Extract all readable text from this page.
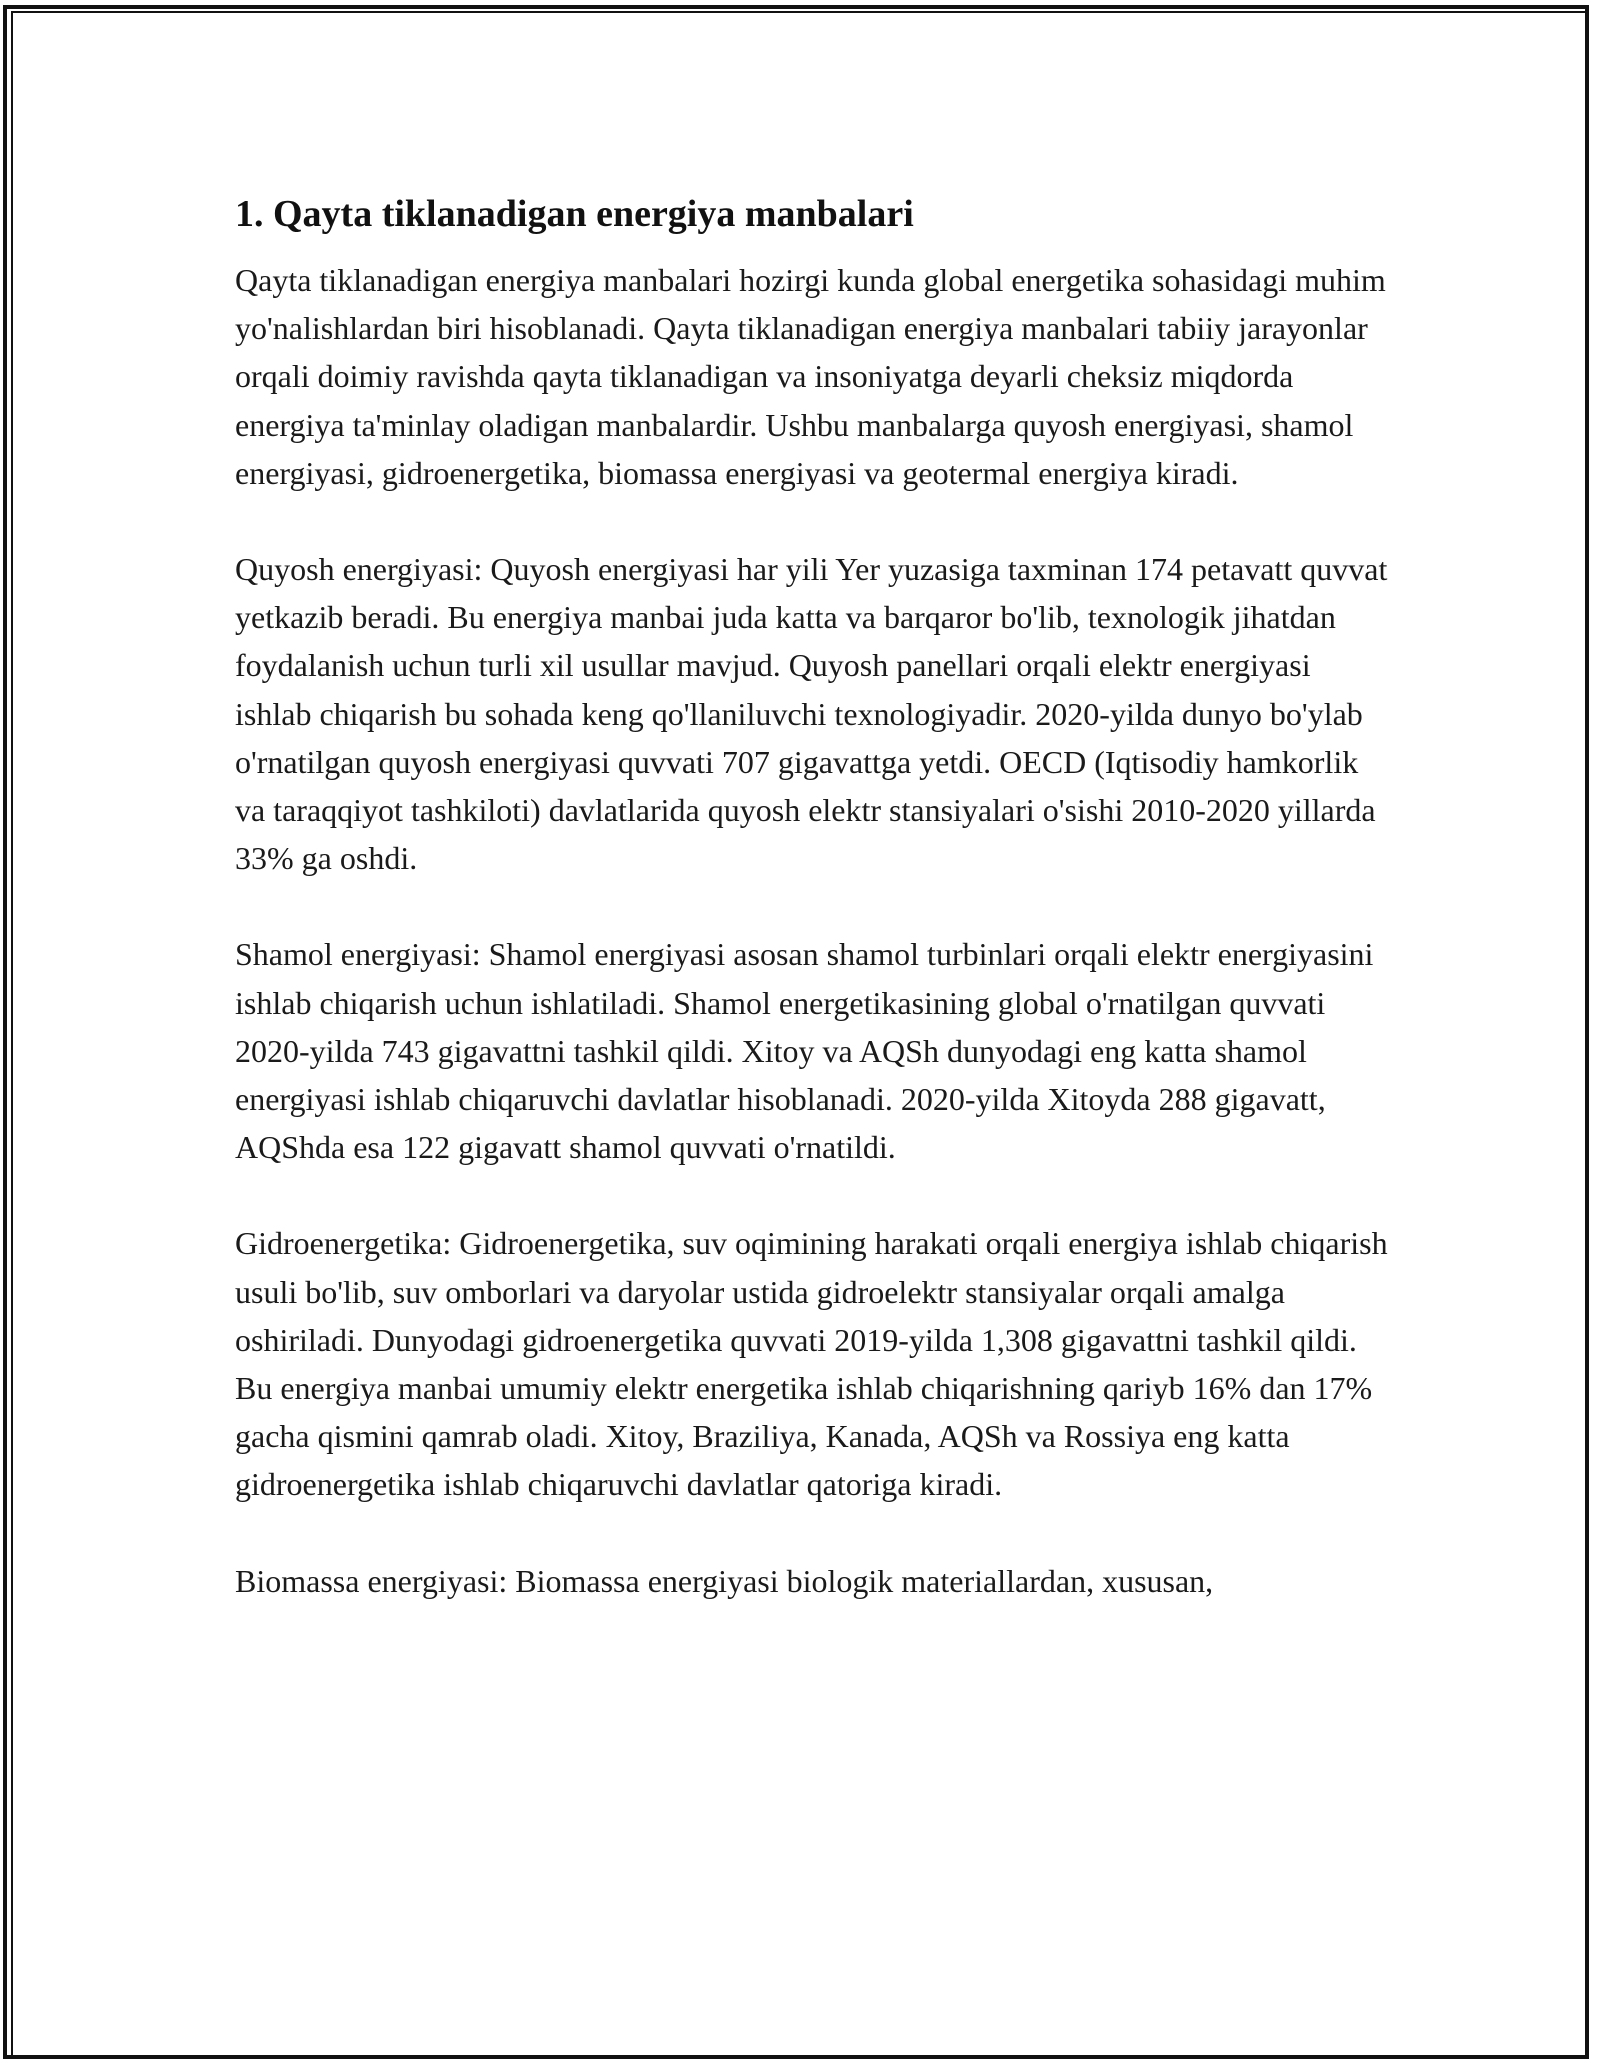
1. Qayta tiklanadigan energiya manbalari

Qayta tiklanadigan energiya manbalari hozirgi kunda global energetika sohasidagi muhim yo'nalishlardan biri hisoblanadi. Qayta tiklanadigan energiya manbalari tabiiy jarayonlar orqali doimiy ravishda qayta tiklanadigan va insoniyatga deyarli cheksiz miqdorda energiya ta'minlay oladigan manbalardir. Ushbu manbalarga quyosh energiyasi, shamol energiyasi, gidroenergetika, biomassa energiyasi va geotermal energiya kiradi.

Quyosh energiyasi: Quyosh energiyasi har yili Yer yuzasiga taxminan 174 petavatt quvvat yetkazib beradi. Bu energiya manbai juda katta va barqaror bo'lib, texnologik jihatdan foydalanish uchun turli xil usullar mavjud. Quyosh panellari orqali elektr energiyasi ishlab chiqarish bu sohada keng qo'llaniluvchi texnologiyadir. 2020-yilda dunyo bo'ylab o'rnatilgan quyosh energiyasi quvvati 707 gigavattga yetdi. OECD (Iqtisodiy hamkorlik va taraqqiyot tashkiloti) davlatlarida quyosh elektr stansiyalari o'sishi 2010-2020 yillarda 33% ga oshdi.

Shamol energiyasi: Shamol energiyasi asosan shamol turbinlari orqali elektr energiyasini ishlab chiqarish uchun ishlatiladi. Shamol energetikasining global o'rnatilgan quvvati 2020-yilda 743 gigavattni tashkil qildi. Xitoy va AQSh dunyodagi eng katta shamol energiyasi ishlab chiqaruvchi davlatlar hisoblanadi. 2020-yilda Xitoyda 288 gigavatt, AQShda esa 122 gigavatt shamol quvvati o'rnatildi.

Gidroenergetika: Gidroenergetika, suv oqimining harakati orqali energiya ishlab chiqarish usuli bo'lib, suv omborlari va daryolar ustida gidroelektr stansiyalar orqali amalga oshiriladi. Dunyodagi gidroenergetika quvvati 2019-yilda 1,308 gigavattni tashkil qildi. Bu energiya manbai umumiy elektr energetika ishlab chiqarishning qariyb 16% dan 17% gacha qismini qamrab oladi. Xitoy, Braziliya, Kanada, AQSh va Rossiya eng katta gidroenergetika ishlab chiqaruvchi davlatlar qatoriga kiradi.

Biomassa energiyasi: Biomassa energiyasi biologik materiallardan, xususan,
